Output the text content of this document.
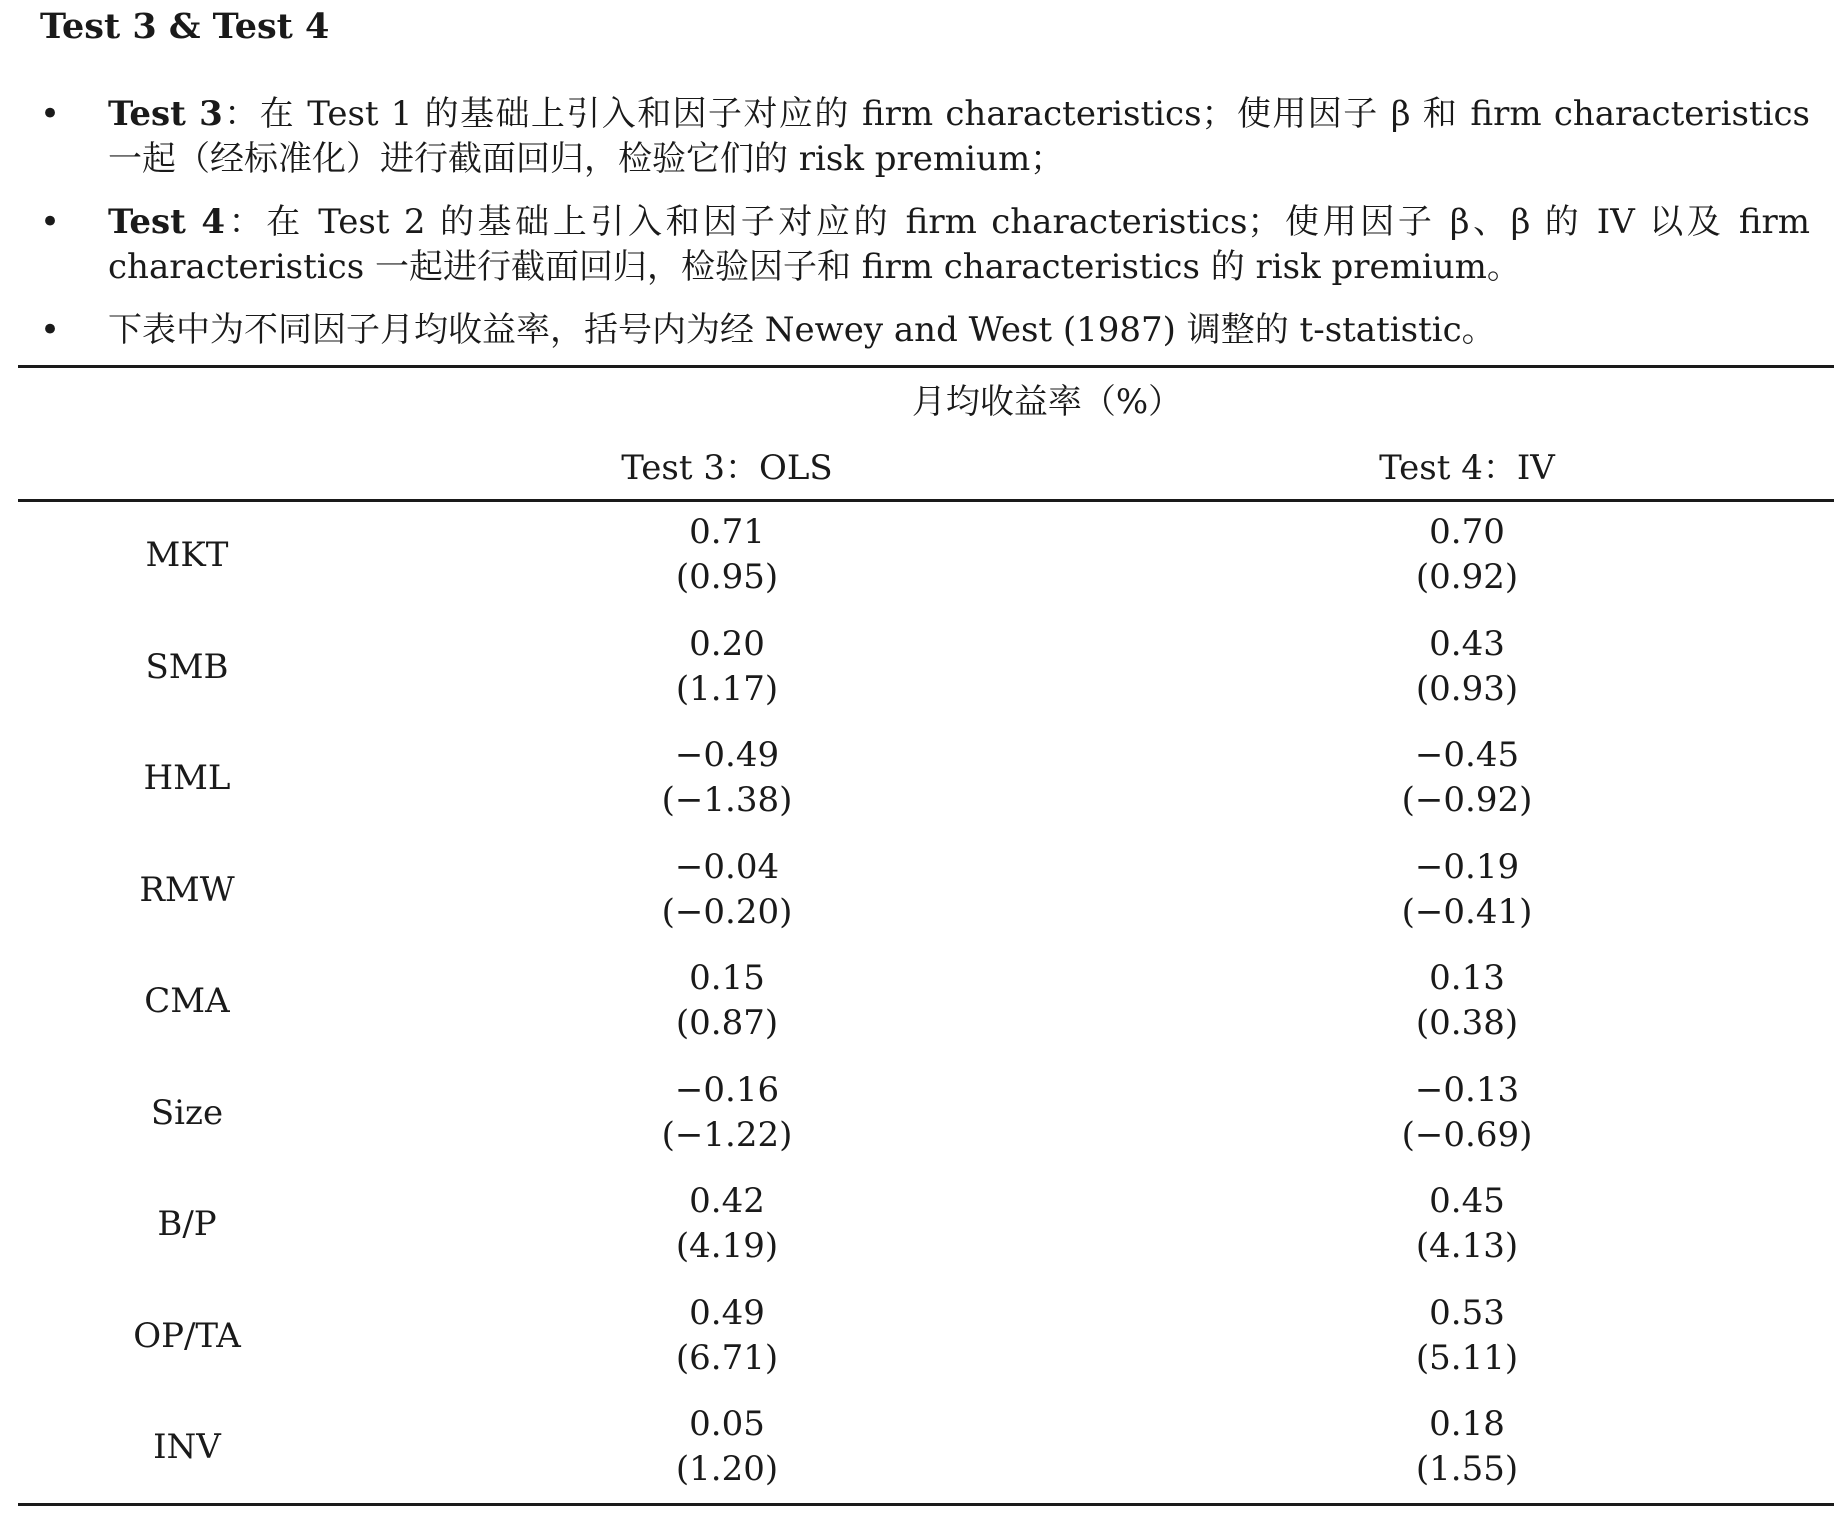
Test 3 & Test 4
• Test 3：在 Test 1 的基础上引入和因子对应的 firm characteristics；使用因子 β 和 firm characteristics 一起（经标准化）进行截面回归，检验它们的 risk premium；
• Test 4：在 Test 2 的基础上引入和因子对应的 firm characteristics；使用因子 β、β 的 IV 以及 firm characteristics 一起进行截面回归，检验因子和 firm characteristics 的 risk premium。
• 下表中为不同因子月均收益率，括号内为经 Newey and West (1987) 调整的 t-statistic。
月均收益率（%）
Test 3：OLS	Test 4：IV
MKT
0.71
(0.95)
0.70
(0.92)
SMB
0.20
(1.17)
0.43
(0.93)
HML
−0.49
(−1.38)
−0.45
(−0.92)
RMW
−0.04
(−0.20)
−0.19
(−0.41)
CMA
0.15
(0.87)
0.13
(0.38)
Size
−0.16
(−1.22)
−0.13
(−0.69)
B/P
0.42
(4.19)
0.45
(4.13)
OP/TA
0.49
(6.71)
0.53
(5.11)
INV
0.05
(1.20)
0.18
(1.55)
